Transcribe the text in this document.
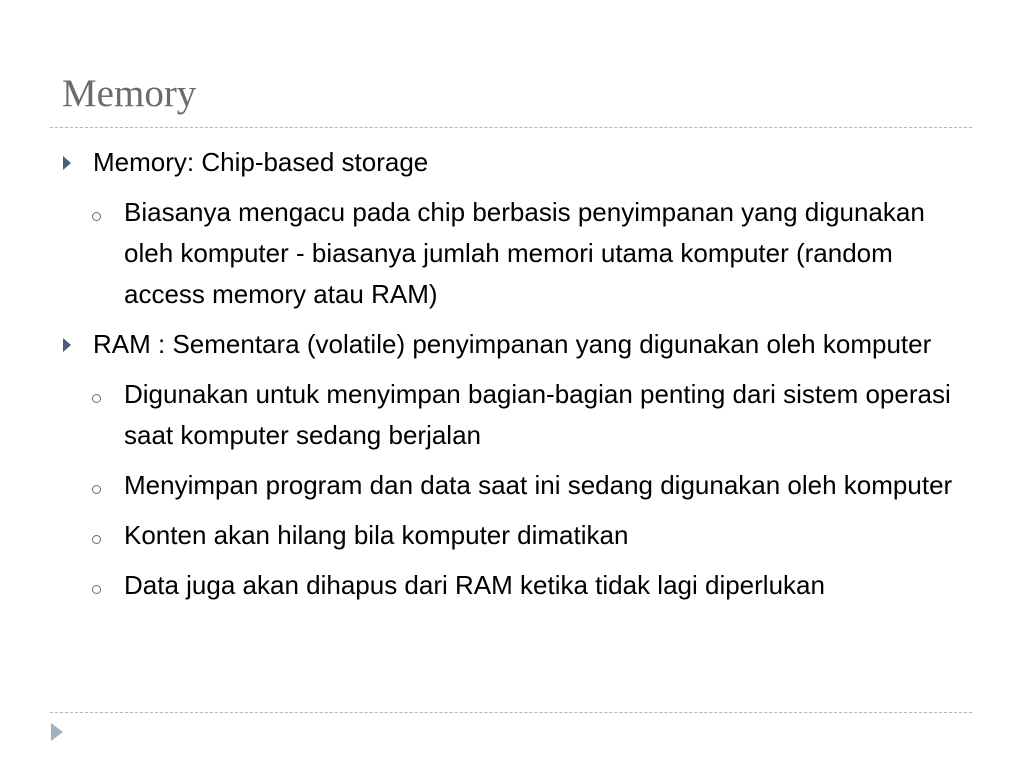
Memory
Memory: Chip-based storage
Biasanya mengacu pada chip berbasis penyimpanan yang digunakan oleh komputer - biasanya jumlah memori utama komputer (random access memory atau RAM)
RAM : Sementara (volatile) penyimpanan yang digunakan oleh komputer
Digunakan untuk menyimpan bagian-bagian penting dari sistem operasi saat komputer sedang berjalan
Menyimpan program dan data saat ini sedang digunakan oleh komputer
Konten akan hilang bila komputer dimatikan
Data juga akan dihapus dari RAM ketika tidak lagi diperlukan
